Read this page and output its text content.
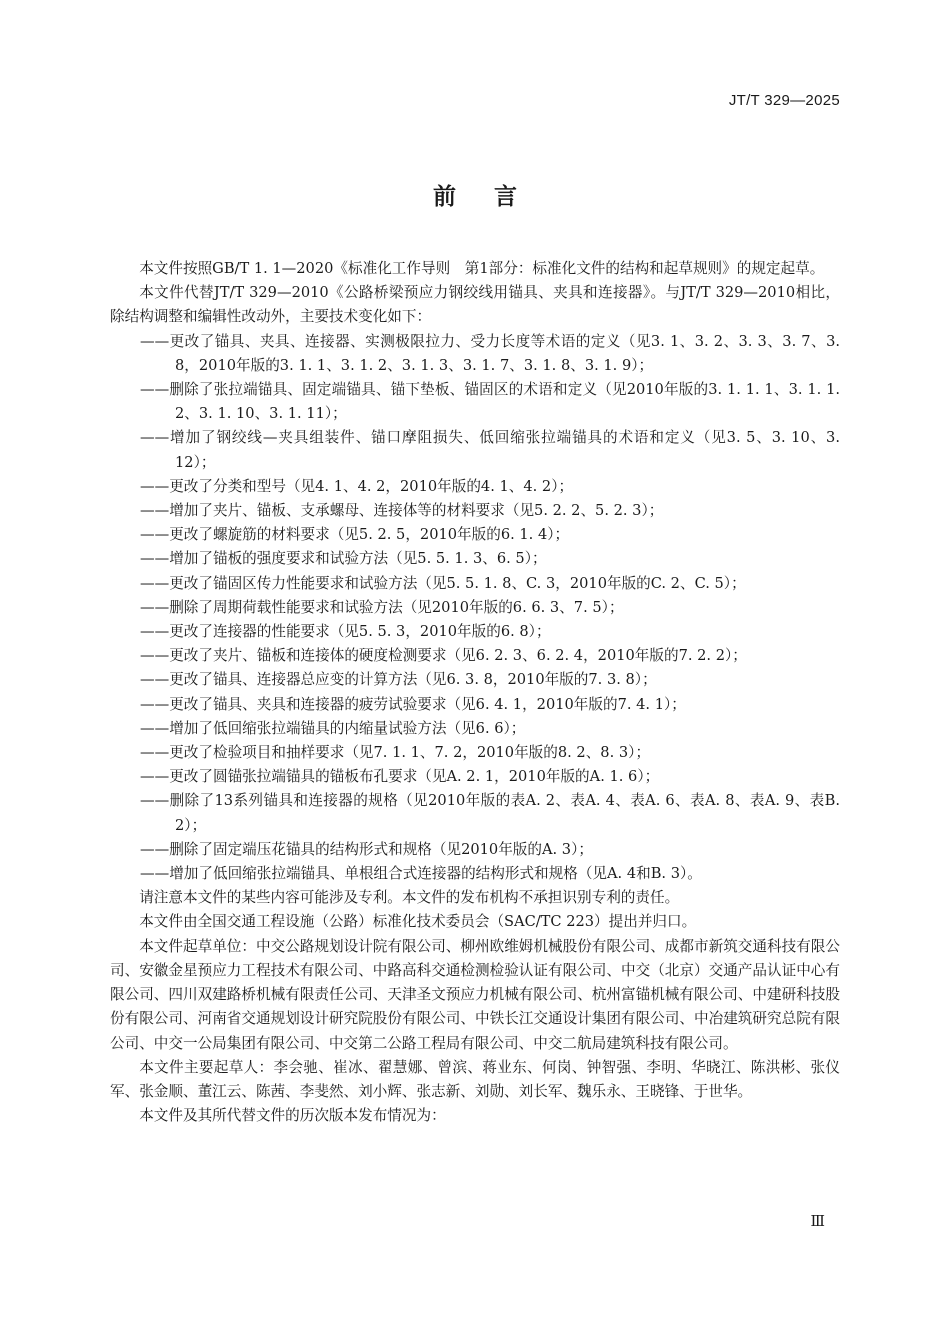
JT/T 329—2025
前言

本文件按照GB/T 1. 1—2020《标准化工作导则　第1部分：标准化文件的结构和起草规则》的规定起草。

本文件代替JT/T 329—2010《公路桥梁预应力钢绞线用锚具、夹具和连接器》。与JT/T 329—2010相比，除结构调整和编辑性改动外，主要技术变化如下：

——更改了锚具、夹具、连接器、实测极限拉力、受力长度等术语的定义（见3. 1、3. 2、3. 3、3. 7、3. 8，2010年版的3. 1. 1、3. 1. 2、3. 1. 3、3. 1. 7、3. 1. 8、3. 1. 9）；
——删除了张拉端锚具、固定端锚具、锚下垫板、锚固区的术语和定义（见2010年版的3. 1. 1. 1、3. 1. 1. 2、3. 1. 10、3. 1. 11）；
——增加了钢绞线—夹具组装件、锚口摩阻损失、低回缩张拉端锚具的术语和定义（见3. 5、3. 10、3. 12）；
——更改了分类和型号（见4. 1、4. 2，2010年版的4. 1、4. 2）；
——增加了夹片、锚板、支承螺母、连接体等的材料要求（见5. 2. 2、5. 2. 3）；
——更改了螺旋筋的材料要求（见5. 2. 5，2010年版的6. 1. 4）；
——增加了锚板的强度要求和试验方法（见5. 5. 1. 3、6. 5）；
——更改了锚固区传力性能要求和试验方法（见5. 5. 1. 8、C. 3，2010年版的C. 2、C. 5）；
——删除了周期荷载性能要求和试验方法（见2010年版的6. 6. 3、7. 5）；
——更改了连接器的性能要求（见5. 5. 3，2010年版的6. 8）；
——更改了夹片、锚板和连接体的硬度检测要求（见6. 2. 3、6. 2. 4，2010年版的7. 2. 2）；
——更改了锚具、连接器总应变的计算方法（见6. 3. 8，2010年版的7. 3. 8）；
——更改了锚具、夹具和连接器的疲劳试验要求（见6. 4. 1，2010年版的7. 4. 1）；
——增加了低回缩张拉端锚具的内缩量试验方法（见6. 6）；
——更改了检验项目和抽样要求（见7. 1. 1、7. 2，2010年版的8. 2、8. 3）；
——更改了圆锚张拉端锚具的锚板布孔要求（见A. 2. 1，2010年版的A. 1. 6）；
——删除了13系列锚具和连接器的规格（见2010年版的表A. 2、表A. 4、表A. 6、表A. 8、表A. 9、表B. 2）；
——删除了固定端压花锚具的结构形式和规格（见2010年版的A. 3）；
——增加了低回缩张拉端锚具、单根组合式连接器的结构形式和规格（见A. 4和B. 3）。

请注意本文件的某些内容可能涉及专利。本文件的发布机构不承担识别专利的责任。

本文件由全国交通工程设施（公路）标准化技术委员会（SAC/TC 223）提出并归口。

本文件起草单位：中交公路规划设计院有限公司、柳州欧维姆机械股份有限公司、成都市新筑交通科技有限公司、安徽金星预应力工程技术有限公司、中路高科交通检测检验认证有限公司、中交（北京）交通产品认证中心有限公司、四川双建路桥机械有限责任公司、天津圣文预应力机械有限公司、杭州富锚机械有限公司、中建研科技股份有限公司、河南省交通规划设计研究院股份有限公司、中铁长江交通设计集团有限公司、中冶建筑研究总院有限公司、中交一公局集团有限公司、中交第二公路工程局有限公司、中交二航局建筑科技有限公司。

本文件主要起草人：李会驰、崔冰、翟慧娜、曾滨、蒋业东、何岗、钟智强、李明、华晓江、陈洪彬、张仪军、张金顺、董江云、陈茜、李斐然、刘小辉、张志新、刘勋、刘长军、魏乐永、王晓锋、于世华。

本文件及其所代替文件的历次版本发布情况为：

Ⅲ
